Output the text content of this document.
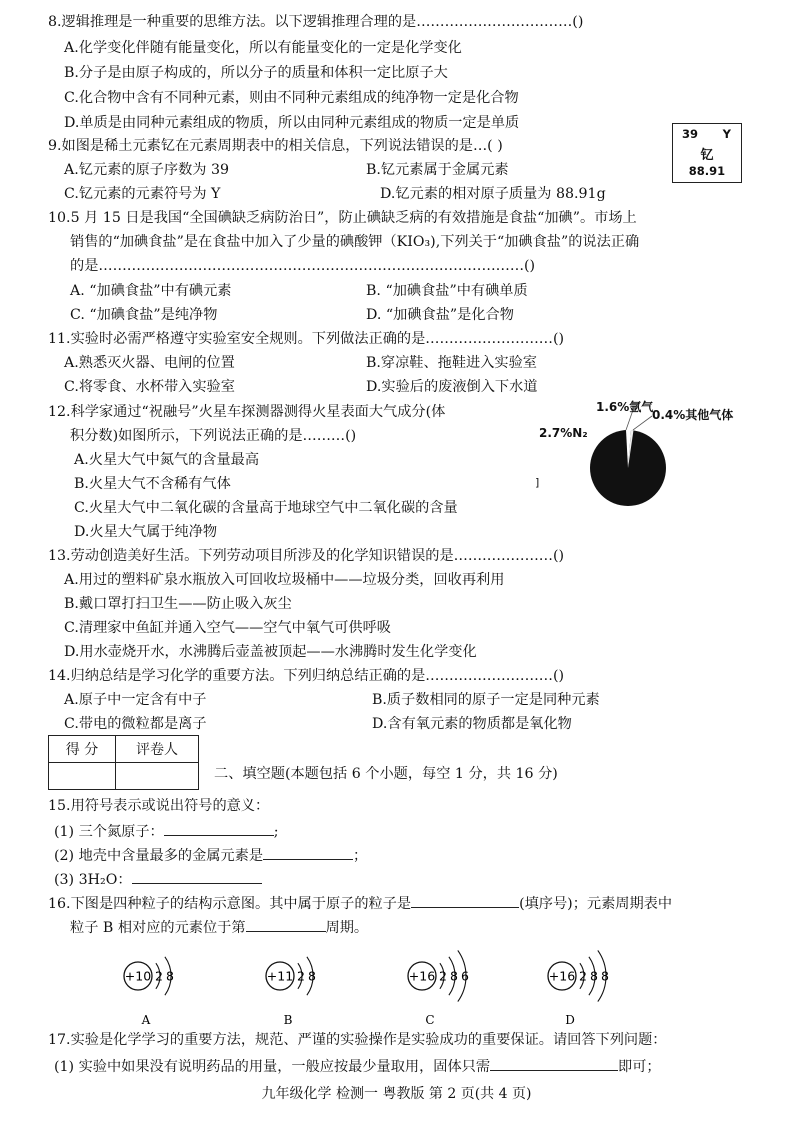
8.逻辑推理是一种重要的思维方法。以下逻辑推理合理的是……………………………()
A.化学变化伴随有能量变化，所以有能量变化的一定是化学变化
B.分子是由原子构成的，所以分子的质量和体积一定比原子大
C.化合物中含有不同种元素，则由不同种元素组成的纯净物一定是化合物
D.单质是由同种元素组成的物质，所以由同种元素组成的物质一定是单质
9.如图是稀土元素钇在元素周期表中的相关信息，下列说法错误的是…( )
A.钇元素的原子序数为 39	B.钇元素属于金属元素
C.钇元素的元素符号为 Y	D.钇元素的相对原子质量为 88.91g
39 Y
钇
88.91
10.5 月 15 日是我国“全国碘缺乏病防治日”，防止碘缺乏病的有效措施是食盐“加碘”。市场上
销售的“加碘食盐”是在食盐中加入了少量的碘酸钾（KIO₃),下列关于“加碘食盐”的说法正确
的是………………………………………………………………………………()
A. “加碘食盐”中有碘元素	B. “加碘食盐”中有碘单质
C. “加碘食盐”是纯净物	D. “加碘食盐”是化合物
11.实验时必需严格遵守实验室安全规则。下列做法正确的是………………………()
A.熟悉灭火器、电闸的位置	B.穿凉鞋、拖鞋进入实验室
C.将零食、水杯带入实验室	D.实验后的废液倒入下水道
12.科学家通过“祝融号”火星车探测器测得火星表面大气成分(体
积分数)如图所示，下列说法正确的是………()
A.火星大气中氮气的含量最高
B.火星大气不含稀有气体
C.火星大气中二氧化碳的含量高于地球空气中二氧化碳的含量
D.火星大气属于纯净物
1.6%氩气
0.4%其他气体
2.7%N₂
]
13.劳动创造美好生活。下列劳动项目所涉及的化学知识错误的是…………………()
A.用过的塑料矿泉水瓶放入可回收垃圾桶中——垃圾分类，回收再利用
B.戴口罩打扫卫生——防止吸入灰尘
C.清理家中鱼缸并通入空气——空气中氧气可供呼吸
D.用水壶烧开水，水沸腾后壶盖被顶起——水沸腾时发生化学变化
14.归纳总结是学习化学的重要方法。下列归纳总结正确的是………………………()
A.原子中一定含有中子	B.质子数相同的原子一定是同种元素
C.带电的微粒都是离子	D.含有氧元素的物质都是氧化物
得 分	评卷人

二、填空题(本题包括 6 个小题，每空 1 分，共 16 分)
15.用符号表示或说出符号的意义：
(1) 三个氮原子：	;
(2) 地壳中含量最多的金属元素是	；
(3) 3H₂O：
16.下图是四种粒子的结构示意图。其中属于原子的粒子是	(填序号)；元素周期表中
粒子 B 相对应的元素位于第	周期。
+10 2 8
A
+11 2 8
B
+16 2 8 6
C
+16 2 8 8
D
17.实验是化学学习的重要方法，规范、严谨的实验操作是实验成功的重要保证。请回答下列问题：
(1) 实验中如果没有说明药品的用量，一般应按最少量取用，固体只需	即可；
九年级化学 检测一 粤教版 第 2 页(共 4 页)
